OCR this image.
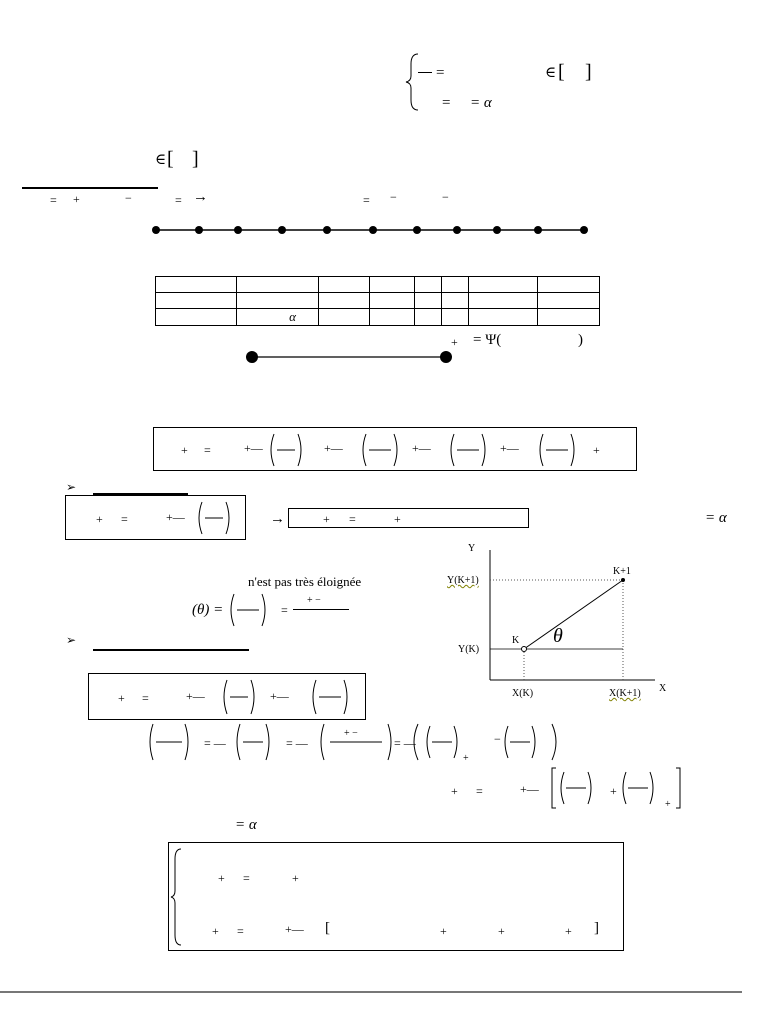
=	∈ [ ]
= = α
∈ [ ]
= +	−	= →	= −	−

	α						
+ = Ψ(	)
+ =	+—	+—	+—	+—	+
➢
+ =	+—	→	+ =	+	= α
n'est pas très éloignée
(θ) =	=
+ −
➢
Y
X
Y(K+1)
Y(K)
X(K)	X(K+1)
K
K+1
θ
+ =	+—	+—
= —	= —
+ −
= —
+
−
+ =	+—	+
+
= α
+ =	+
+ =	+— [	+	+	+ ]
